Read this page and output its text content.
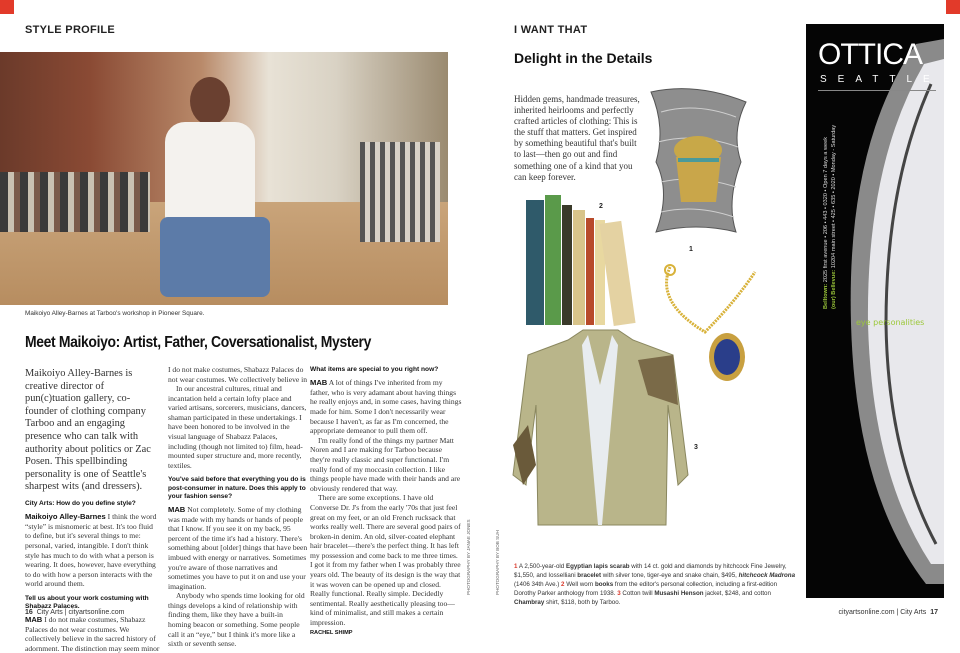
STYLE PROFILE
Maikoiyo Alley-Barnes at Tarboo's workshop in Pioneer Square.
PHOTOGRAPHY BY JANAE JONES
Meet Maikoiyo: Artist, Father, Coversationalist, Mystery

Maikoiyo Alley-Barnes is creative director of pun(c)tuation gallery, co-founder of clothing company Tarboo and an engaging presence who can talk with authority about politics or Zac Posen. This spellbinding personality is one of Seattle's sharpest wits (and dressers).

City Arts: How do you define style?

Maikoiyo Alley-Barnes I think the word “style” is misnomeric at best. It's too fluid to define, but it's several things to me: personal, varied, intangible. I don't think style has much to do with what a person is wearing. It does, however, have everything to do with how a person interacts with the world around them.

Tell us about your work costuming with Shabazz Palaces.

MAB I do not make costumes, Shabazz Palaces do not wear costumes. We collectively believe in the sacred history of adornment. The distinction may seem minor

I do not make costumes, Shabazz Palaces do not wear costumes. We collectively believe in

In our ancestral cultures, ritual and incantation held a certain lofty place and varied artisans, sorcerers, musicians, dancers, shaman participated in these undertakings. I have been honored to be involved in the visual language of Shabazz Palaces, including (though not limited to) film, head-mounted super structure and, more recently, textiles.

You've said before that everything you do is post-consumer in nature. Does this apply to your fashion sense?

MAB Not completely. Some of my clothing was made with my hands or hands of people that I know. If you see it on my back, 95 percent of the time it's had a history. There's something about [older] things that have been imbued with energy or narratives. Sometimes you're aware of those narratives and sometimes you have to put it on and use your imagination.

Anybody who spends time looking for old things develops a kind of relationship with finding them, like they have a built-in homing beacon or something. Some people call it an “eye,” but I think it's more like a sixth or seventh sense.

What items are special to you right now?

MAB A lot of things I've inherited from my father, who is very adamant about having things he really enjoys and, in some cases, having things made for him. Some I don't necessarily wear because I haven't, as far as I'm concerned, the appropriate demeanor to pull them off.

I'm really fond of the things my partner Matt Noren and I are making for Tarboo because they're really classic and super functional. I'm really fond of my moccasin collection. I like things people have made with their hands and are obviously rendered that way.

There are some exceptions. I have old Converse Dr. J's from the early '70s that just feel great on my feet, or an old French rucksack that works really well. There are several good pairs of broken-in denim. An old, silver-coated elephant hair bracelet—there's the perfect thing. It has left my possession and come back to me three times. I got it from my father when I was probably three years old. The beauty of its design is the way that it was woven can be opened up and closed. Really functional. Really simple. Decidedly sentimental. Really aesthetically pleasing too—kind of minimalist, and still makes a certain impression.

RACHEL SHIMP
16 City Arts | cityartsonline.com
I WANT THAT
Delight in the Details

Hidden gems, handmade treasures, inherited heirlooms and perfectly crafted articles of clothing: This is the stuff that matters. Get inspired by something beautiful that's built to last—then go out and find something one of a kind that you can keep forever.

1
2
3
PHOTOGRAPHY BY BOB SUH 1 A 2,500-year-old Egyptian lapis scarab with 14 ct. gold and diamonds by hitchcock Fine Jewelry, $1,550, and Iosselliani bracelet with silver tone, tiger-eye and snake chain, $495, hitchcock Madrona (1406 34th Ave.) 2 Well worn books from the editor's personal collection, including a first-edition Dorothy Parker anthology from 1938. 3 Cotton twill Musashi Henson jacket, $248, and cotton Chambray shirt, $118, both by Tarboo.

cityartsonline.com | City Arts 17
OTTICA
SEATTLE
Belltown: 2025 first avenue • 206 • 443 • 0320 • Open 7 days a week
(our) Bellevue: 10204 main street • 425 • 635 • 2020 • Monday - Saturday
eye personalities
